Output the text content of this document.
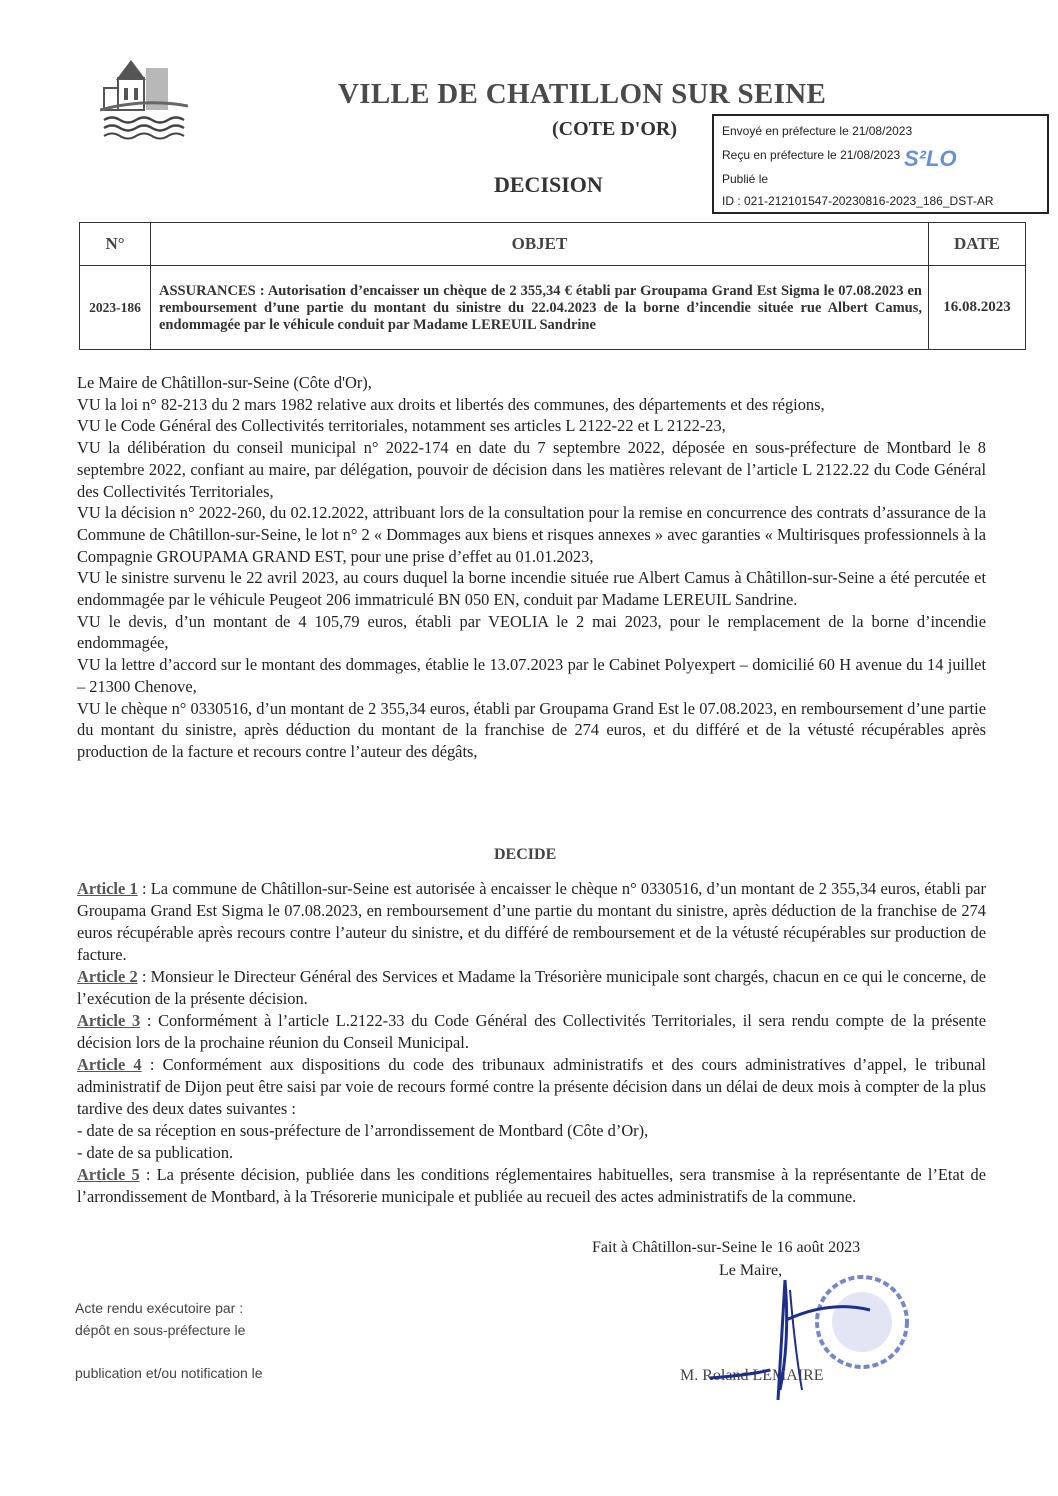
VILLE DE CHATILLON SUR SEINE
(COTE D'OR)
DECISION
Envoyé en préfecture le 21/08/2023
Reçu en préfecture le 21/08/2023
Publié le
ID : 021-212101547-20230816-2023_186_DST-AR
S²LO
N°	OBJET	DATE
2023-186	ASSURANCES : Autorisation d’encaisser un chèque de 2 355,34 € établi par Groupama Grand Est Sigma le 07.08.2023 en remboursement d’une partie du montant du sinistre du 22.04.2023 de la borne d’incendie située rue Albert Camus, endommagée par le véhicule conduit par Madame LEREUIL Sandrine	16.08.2023

Le Maire de Châtillon-sur-Seine (Côte d'Or),

VU la loi n° 82-213 du 2 mars 1982 relative aux droits et libertés des communes, des départements et des régions,

VU le Code Général des Collectivités territoriales, notamment ses articles L 2122-22 et L 2122-23,

VU la délibération du conseil municipal n° 2022-174 en date du 7 septembre 2022, déposée en sous-préfecture de Montbard le 8 septembre 2022, confiant au maire, par délégation, pouvoir de décision dans les matières relevant de l’article L 2122.22 du Code Général des Collectivités Territoriales,

VU la décision n° 2022-260, du 02.12.2022, attribuant lors de la consultation pour la remise en concurrence des contrats d’assurance de la Commune de Châtillon-sur-Seine, le lot n° 2 « Dommages aux biens et risques annexes » avec garanties « Multirisques professionnels à la Compagnie GROUPAMA GRAND EST, pour une prise d’effet au 01.01.2023,

VU le sinistre survenu le 22 avril 2023, au cours duquel la borne incendie située rue Albert Camus à Châtillon-sur-Seine a été percutée et endommagée par le véhicule Peugeot 206 immatriculé BN 050 EN, conduit par Madame LEREUIL Sandrine.

VU le devis, d’un montant de 4 105,79 euros, établi par VEOLIA le 2 mai 2023, pour le remplacement de la borne d’incendie endommagée,

VU la lettre d’accord sur le montant des dommages, établie le 13.07.2023 par le Cabinet Polyexpert – domicilié 60 H avenue du 14 juillet – 21300 Chenove,

VU le chèque n° 0330516, d’un montant de 2 355,34 euros, établi par Groupama Grand Est le 07.08.2023, en remboursement d’une partie du montant du sinistre, après déduction du montant de la franchise de 274 euros, et du différé et de la vétusté récupérables après production de la facture et recours contre l’auteur des dégâts,

DECIDE

Article 1 : La commune de Châtillon-sur-Seine est autorisée à encaisser le chèque n° 0330516, d’un montant de 2 355,34 euros, établi par Groupama Grand Est Sigma le 07.08.2023, en remboursement d’une partie du montant du sinistre, après déduction de la franchise de 274 euros récupérable après recours contre l’auteur du sinistre, et du différé de remboursement et de la vétusté récupérables sur production de facture.

Article 2 : Monsieur le Directeur Général des Services et Madame la Trésorière municipale sont chargés, chacun en ce qui le concerne, de l’exécution de la présente décision.

Article 3 : Conformément à l’article L.2122-33 du Code Général des Collectivités Territoriales, il sera rendu compte de la présente décision lors de la prochaine réunion du Conseil Municipal.

Article 4 : Conformément aux dispositions du code des tribunaux administratifs et des cours administratives d’appel, le tribunal administratif de Dijon peut être saisi par voie de recours formé contre la présente décision dans un délai de deux mois à compter de la plus tardive des deux dates suivantes :

- date de sa réception en sous-préfecture de l’arrondissement de Montbard (Côte d’Or),

- date de sa publication.

Article 5 : La présente décision, publiée dans les conditions réglementaires habituelles, sera transmise à la représentante de l’Etat de l’arrondissement de Montbard, à la Trésorerie municipale et publiée au recueil des actes administratifs de la commune.

Fait à Châtillon-sur-Seine le 16 août 2023
Le Maire,
M. Roland LEMAIRE
Acte rendu exécutoire par :
dépôt en sous-préfecture le
publication et/ou notification le
